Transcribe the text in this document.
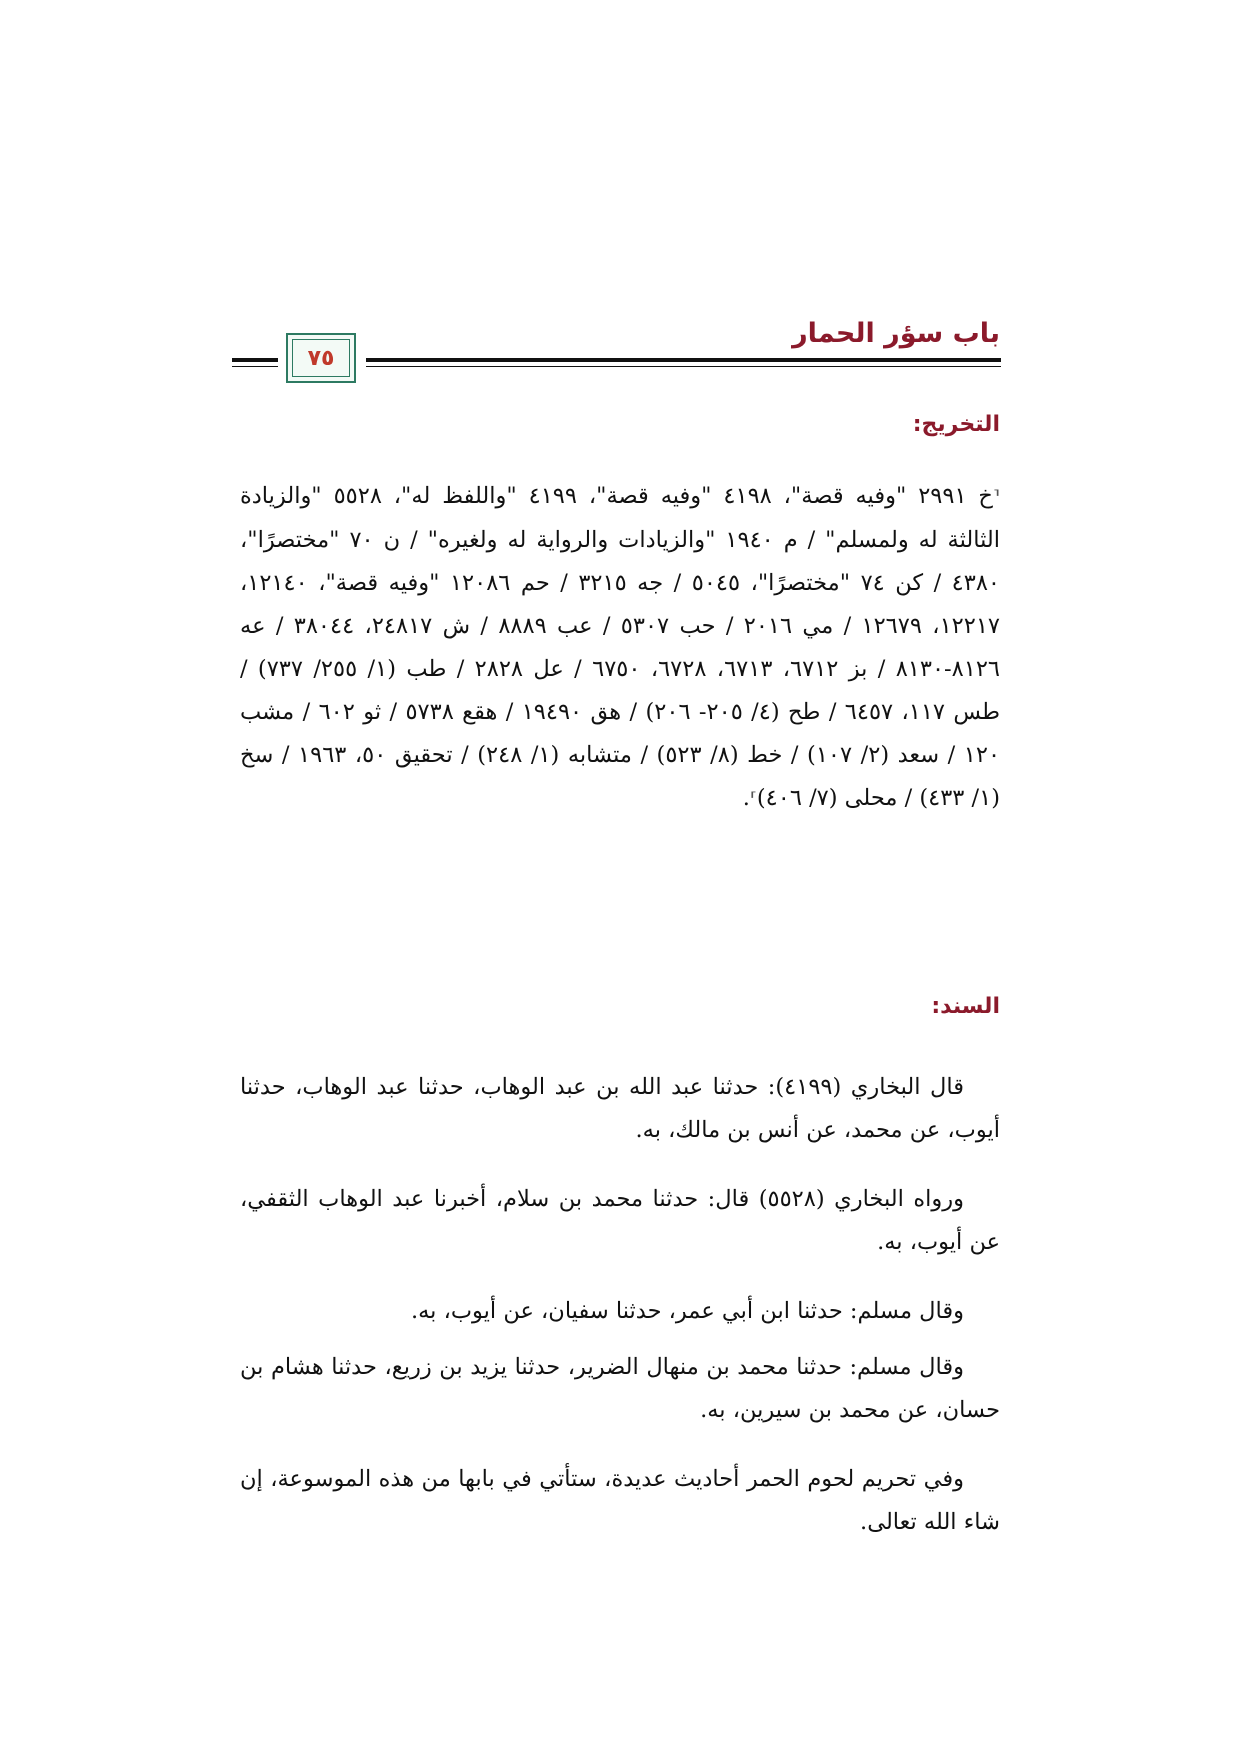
باب سؤر الحمار
٧٥
التخريج:
⸢خ ٢٩٩١ "وفيه قصة"، ٤١٩٨ "وفيه قصة"، ٤١٩٩ "واللفظ له"، ٥٥٢٨ "والزيادة الثالثة له ولمسلم" / م ١٩٤٠ "والزيادات والرواية له ولغيره" / ن ٧٠ "مختصرًا"، ٤٣٨٠ / كن ٧٤ "مختصرًا"، ٥٠٤٥ / جه ٣٢١٥ / حم ١٢٠٨٦ "وفيه قصة"، ١٢١٤٠، ١٢٢١٧، ١٢٦٧٩ / مي ٢٠١٦ / حب ٥٣٠٧ / عب ٨٨٨٩ / ش ٢٤٨١٧، ٣٨٠٤٤ / عه ٨١٢٦-٨١٣٠ / بز ٦٧١٢، ٦٧١٣، ٦٧٢٨، ٦٧٥٠ / عل ٢٨٢٨ / طب (١/ ٢٥٥/ ٧٣٧) / طس ١١٧، ٦٤٥٧ / طح (٤/ ٢٠٥- ٢٠٦) / هق ١٩٤٩٠ / هقع ٥٧٣٨ / ثو ٦٠٢ / مشب ١٢٠ / سعد (٢/ ١٠٧) / خط (٨/ ٥٢٣) / متشابه (١/ ٢٤٨) / تحقيق ٥٠، ١٩٦٣ / سخ (١/ ٤٣٣) / محلى (٧/ ٤٠٦)⸣.
السند:
قال البخاري (٤١٩٩): حدثنا عبد الله بن عبد الوهاب، حدثنا عبد الوهاب، حدثنا أيوب، عن محمد، عن أنس بن مالك، به.
ورواه البخاري (٥٥٢٨) قال: حدثنا محمد بن سلام، أخبرنا عبد الوهاب الثقفي، عن أيوب، به.
وقال مسلم: حدثنا ابن أبي عمر، حدثنا سفيان، عن أيوب، به.
وقال مسلم: حدثنا محمد بن منهال الضرير، حدثنا يزيد بن زريع، حدثنا هشام بن حسان، عن محمد بن سيرين، به.
وفي تحريم لحوم الحمر أحاديث عديدة، ستأتي في بابها من هذه الموسوعة، إن شاء الله تعالى.
